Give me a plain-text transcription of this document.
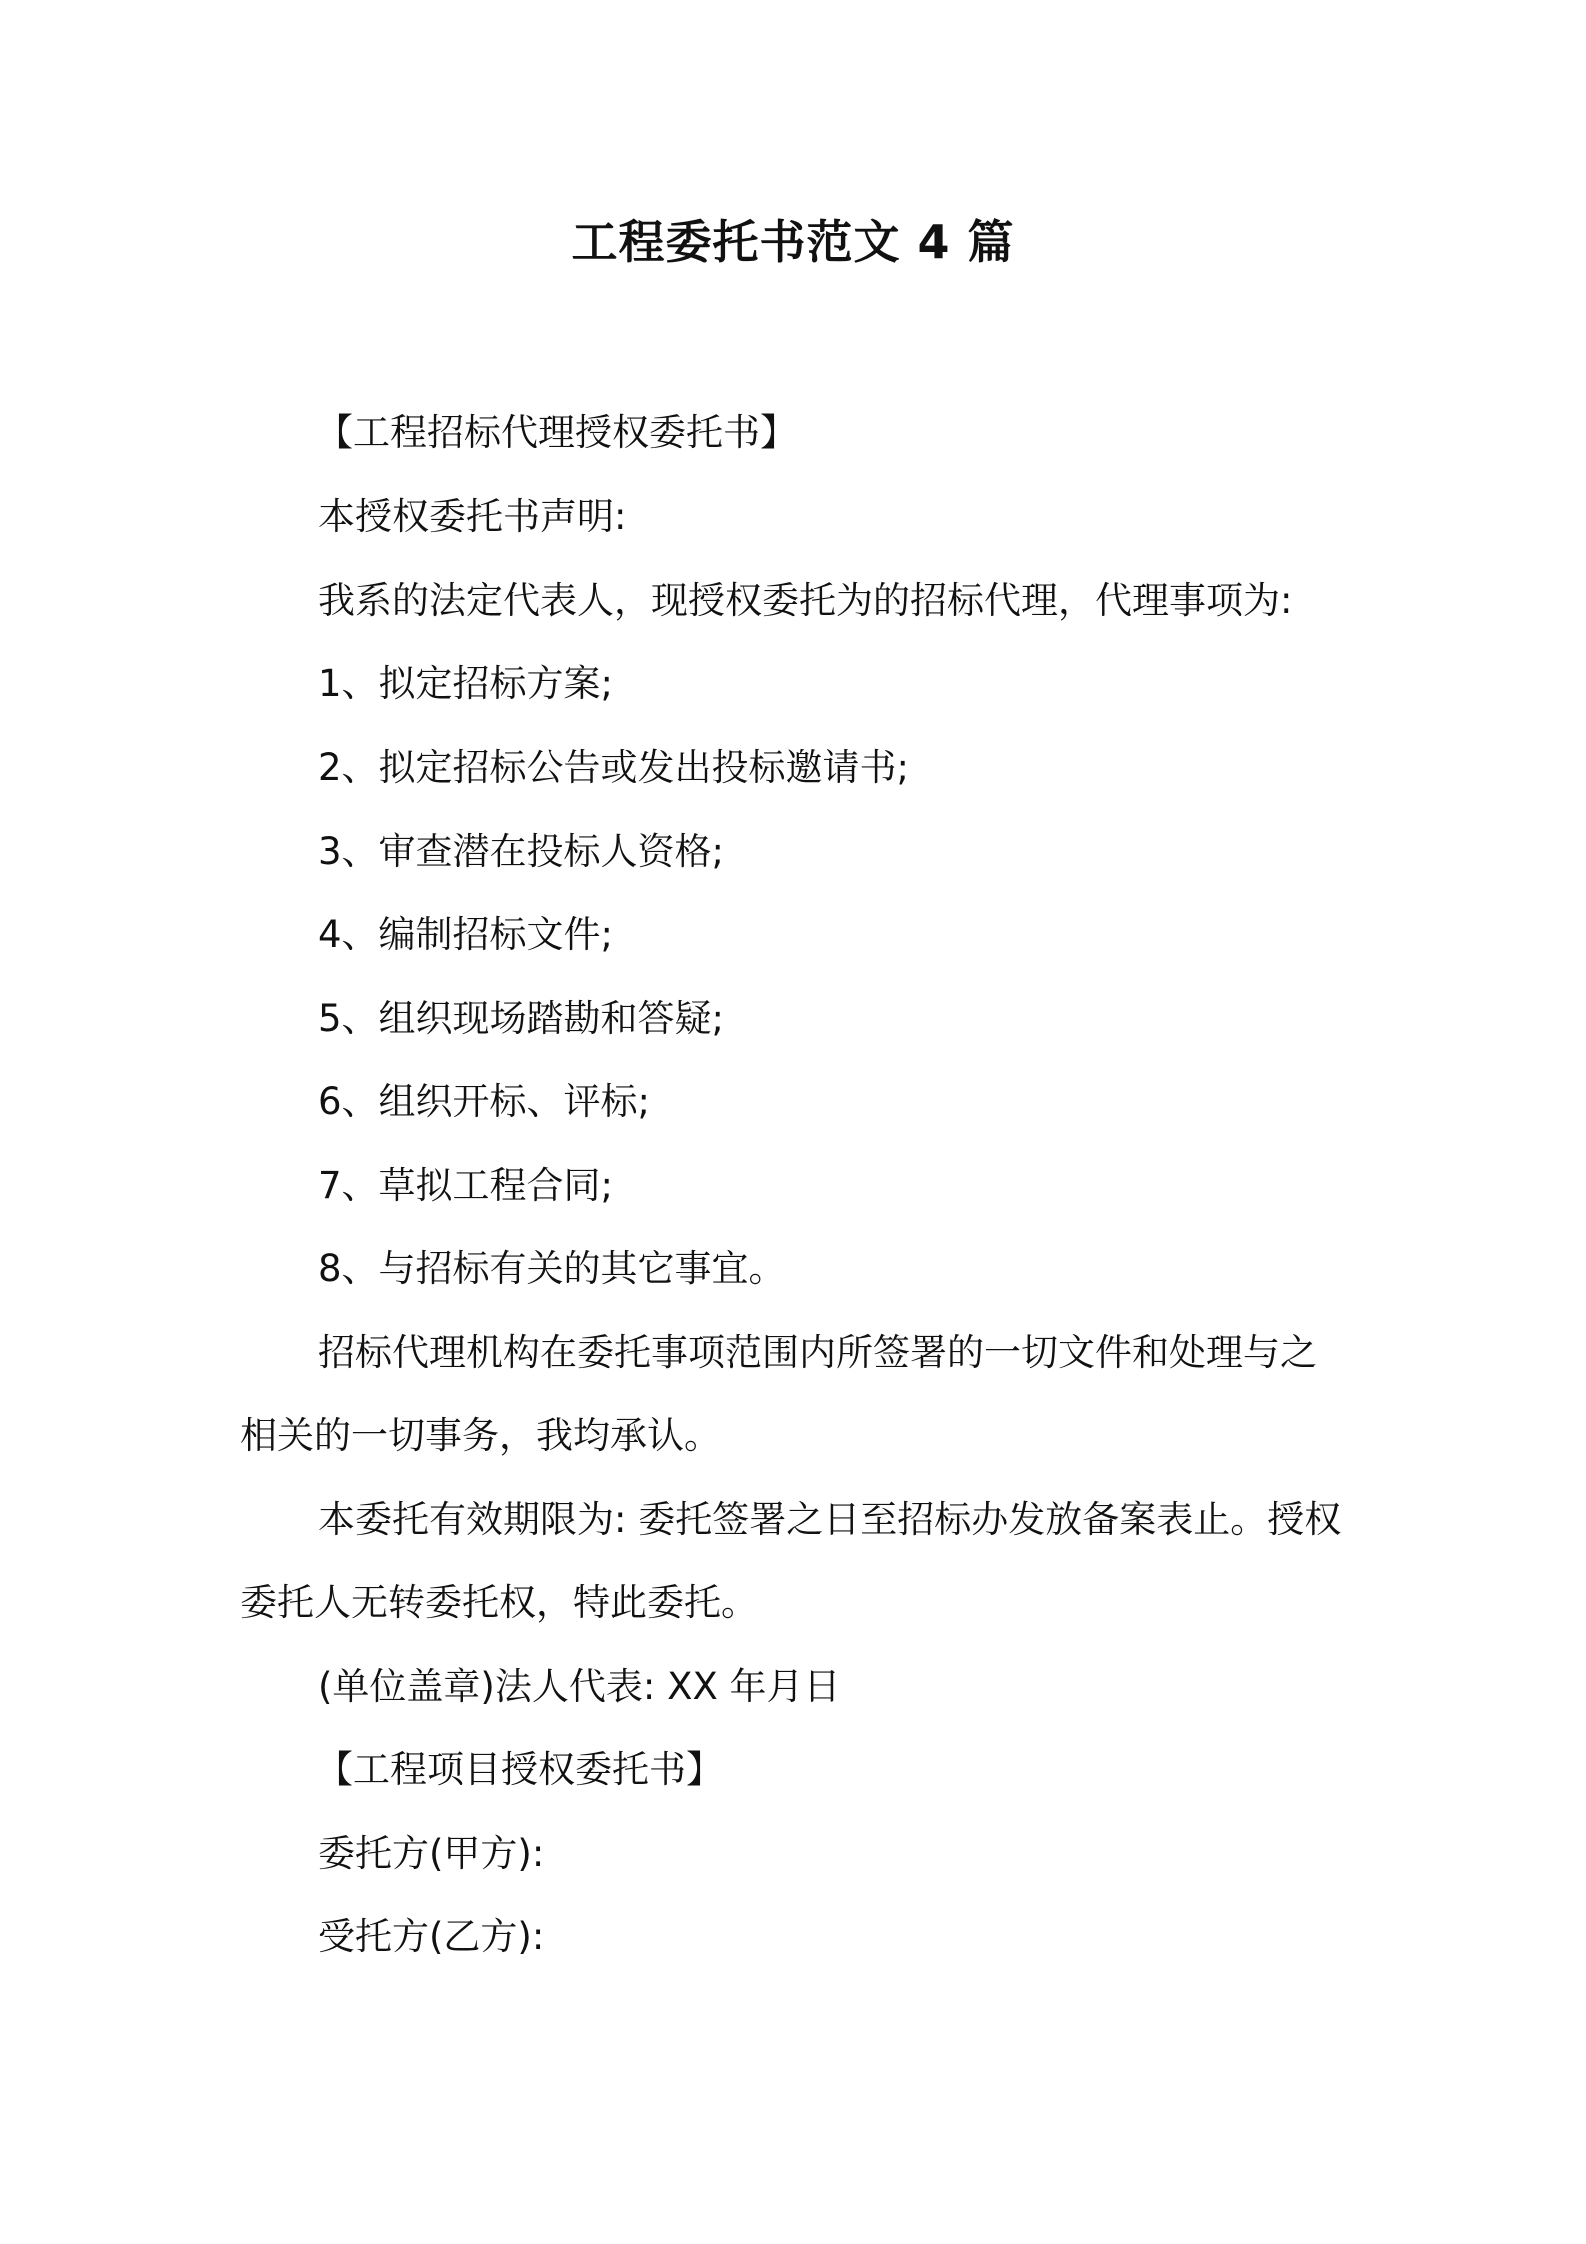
工程委托书范文 4 篇
【工程招标代理授权委托书】
本授权委托书声明:
我系的法定代表人，现授权委托为的招标代理，代理事项为:
1、拟定招标方案;
2、拟定招标公告或发出投标邀请书;
3、审查潜在投标人资格;
4、编制招标文件;
5、组织现场踏勘和答疑;
6、组织开标、评标;
7、草拟工程合同;
8、与招标有关的其它事宜。
招标代理机构在委托事项范围内所签署的一切文件和处理与之
相关的一切事务，我均承认。
本委托有效期限为: 委托签署之日至招标办发放备案表止。授权
委托人无转委托权，特此委托。
(单位盖章)法人代表: XX 年月日
【工程项目授权委托书】
委托方(甲方):
受托方(乙方):
